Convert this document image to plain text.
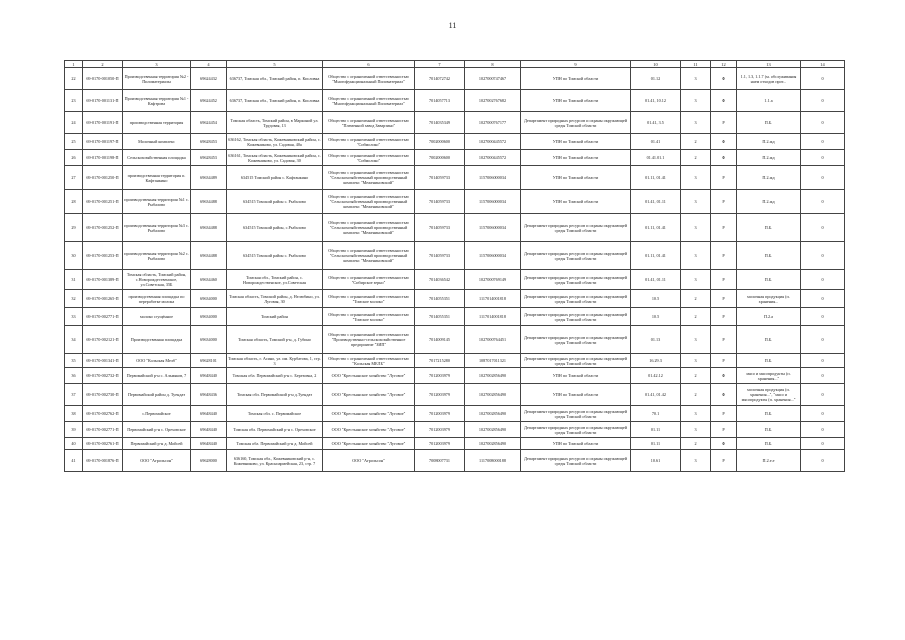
11
1	2	3	4	5	6	7	8	9	10	11	12	13	14
22	69-0170-001050-П	Производственная территория №2 - Пиломатериалы	69624432	636737, Томская обл., Томский район, п. Кисловка	Общество с ограниченной ответственностью "Многофункциональный Пиломатериал"	7014072742	1027000747467	УПН по Томской области	01.12	3	Ф	1.1, 1.3, 1.1.7 (м. обслуживания наем отходов прот...	0
23	69-0170-001131-П	Производственная территория №1 - Кафтрова	69624452	636737, Томская обл., Томский район, п. Кисловка	Общество с ограниченной ответственностью "Многофункциональный Пиломатериал"	7014057713	1027002767682	УПН по Томской области	01.41, 10.12	3	Ф	1.1.а	0
24	69-0170-001191-П	производственная территория	69624454	Томская область, Томский район, в Маркиной ул. Трудовая, 13	Общество с ограниченной ответственностью "Племенной завод Заварзино"	7014035349	1027000767177	Департамент природных ресурсов и охраны окружающей среды Томской области	01.41, 3.5	3	Р	П.Б.	0
25	69-0170-001197-П	Молочный комплекс	69628453	636162, Томская область, Кожевниковский район, с. Кожевниково, ул. Садовая, 40а	Общество с ограниченной ответственностью "Сибмолоко"	7002000600	1027000445572	УПН по Томской области	01.41	2	Ф	П.2.жд	0
26	69-0170-001198-П	Сельскохозяйственная площадка	69628453	636161, Томская область, Кожевниковский район, с. Кожевниково, ул. Садовая, 30	Общество с ограниченной ответственностью "Сибмолоко"	7002000600	1027000445572	УПН по Томской области	01.41.01.1	2	Ф	П.2.жд	0
27	69-0170-001250-П	производственная территория п. Кафтанкино	69634489	634515 Томский район с. Кафтанкино	Общество с ограниченной ответственностью "Сельскохозяйственный производственный комплекс "Межениновский"	7014059733	1157006000034	УПН по Томской области	01.11, 01.41	3	Р	П.2.жд	0
28	69-0170-001251-П	производственная территория №1 с. Рыбалово	69634488	634515 Томский район с. Рыбалово	Общество с ограниченной ответственностью "Сельскохозяйственный производственный комплекс "Межениновский"	7014059733	1157006000034	УПН по Томской области	01.41, 01.11	3	Р	П.2.жд	0
29	69-0170-001252-П	производственная территория №3 с. Рыбалово	69634488	634515 Томский район, с.Рыбалово	Общество с ограниченной ответственностью "Сельскохозяйственный производственный комплекс "Межениновский"	7014059733	1157006000034	Департамент природных ресурсов и охраны окружающей среды Томской области	01.11, 01.41	3	Р	П.Б.	0
30	69-0170-001253-П	производственная территория №2 с. Рыбалово	69634488	634515 Томский район с. Рыбалово	Общество с ограниченной ответственностью "Сельскохозяйственный производственный комплекс "Межениновский"	7014059733	1157006000034	Департамент природных ресурсов и охраны окружающей среды Томской области	01.11, 01.41	3	Р	П.Б.	0
31	69-0170-001389-П	Томская область, Томский район, с.Новорождественское, ул.Советская, 35Б	69634460	Томская обл., Томский район, с. Новорождественское, ул.Советская	Общество с ограниченной ответственностью "Сибирское зерно"	7014036542	1027000769149	Департамент природных ресурсов и охраны окружающей среды Томской области	01.41, 01.11	3	Р	П.Б.	0
32	69-0170-001265-П	производственная площадка по переработке молока	69634000	Томская область, Томский район, д. Нелюбино, ул. Луговая, 30	Общество с ограниченной ответственностью "Томское молоко"	7014055351	1117014001818	Департамент природных ресурсов и охраны окружающей среды Томской области	10.5	2	Р	молочная продукция (п. хранения...	0
33	69-0170-002771-П	молоко сгущённое	69634000	Томский район	Общество с ограниченной ответственностью "Томское молоко"	7014055351	1117014001818	Департамент природных ресурсов и охраны окружающей среды Томской области	10.5	2	Р	П.2.а	0
34	69-0170-002121-П	Производственная площадка	69634000	Томская область, Томский р-н, д. Губино	Общество с ограниченной ответственностью "Производственно-сельскохозяйственное предприятие "ЗИП"	7014009145	1027000764451	Департамент природных ресурсов и охраны окружающей среды Томской области	01.13	3	Р	П.Б.	0
35	69-0170-001341-П	ООО "Кольская Мелб"	69628101	Томская область, г. Асино, ул. им. Курбатова, 1, стр. 3	Общество с ограниченной ответственностью "Кольская МЕЛБ"	7017215280	1087017011321	Департамент природных ресурсов и охраны окружающей среды Томской области	16.29.3	3	Р	П.Б.	0
36	69-0170-002732-П	Первомайский р-н с. Альмяков, 7	69648440	Томская обл. Первомайский р-н с. Березовка, 2	ООО "Крестьянское хозяйство "Луговое"	7012003979	1027002856490	УПН по Томской области	01.42.12	2	Ф	мясо и мясопродукты (п. хранения..."	0
37	69-0170-002730-П	Первомайский район д. Туендат	69648436	Томская обл. Первомайский р-н д.Туендат	ООО "Крестьянское хозяйство "Луговое"	7012003979	1027002856490	УПН по Томской области	01.41, 01.42	2	Ф	молочная продукция (п. хранения...", "мясо и мясопродукты (п. хранения..."	0
38	69-0170-002762-П	с.Первомайское	69648440	Томская обл. с. Первомайское	ООО "Крестьянское хозяйство "Луговое"	7012003979	1027002856490	Департамент природных ресурсов и охраны окружающей среды Томской области	70.1	3	Р	П.Б.	0
39	69-0170-002771-П	Первомайский р-н с. Ореховское	69648440	Томская обл. Первомайский р-н с. Ореховское	ООО "Крестьянское хозяйство "Луговое"	7012003979	1027002856490	Департамент природных ресурсов и охраны окружающей среды Томской области	01.11	3	Р	П.Б.	0
40	69-0170-002761-П	Первомайский р-н д. Мойсей	69648440	Томская обл. Первомайский р-н д. Мойсей	ООО "Крестьянское хозяйство "Луговое"	7012003979	1027002856490	УПН по Томской области	01.11	2	Ф	П.Б.	0
41	69-0170-001876-П	ООО "Агрольсон"	69628000	636160, Томская обл., Кожевниковский р-н, с. Кожевниково, ул. Красноармейская, 23, стр. 7	ООО "Агрольсон"	7008007731	1117008000188	Департамент природных ресурсов и охраны окружающей среды Томской области	10.61	3	Р	П.2.е.е	0
